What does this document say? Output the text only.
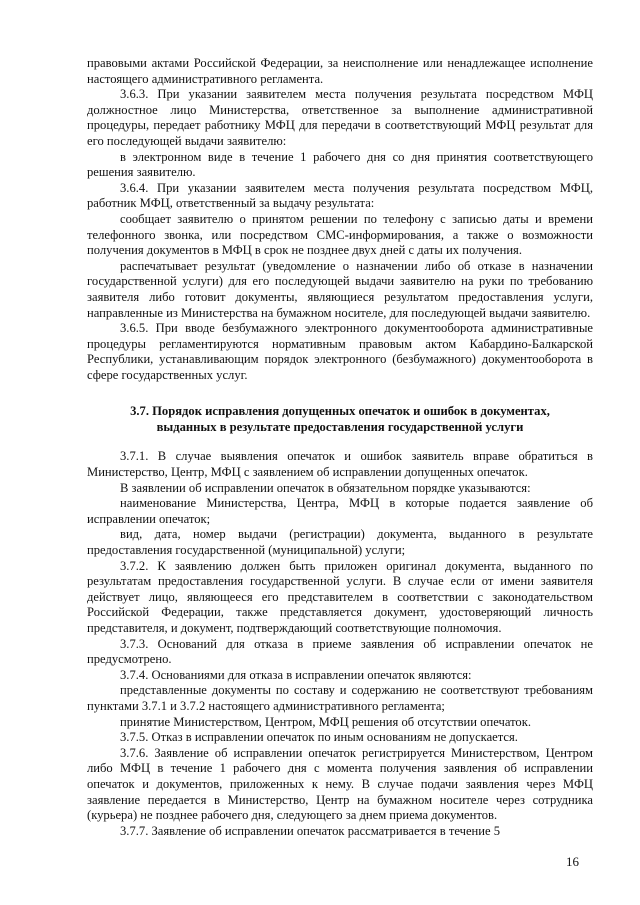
правовыми актами Российской Федерации, за неисполнение или ненадлежащее исполнение настоящего административного регламента.

3.6.3. При указании заявителем места получения результата посредством МФЦ должностное лицо Министерства, ответственное за выполнение административной процедуры, передает работнику МФЦ для передачи в соответствующий МФЦ результат для его последующей выдачи заявителю:

в электронном виде в течение 1 рабочего дня со дня принятия соответствующего решения заявителю.

3.6.4. При указании заявителем места получения результата посредством МФЦ, работник МФЦ, ответственный за выдачу результата:

сообщает заявителю о принятом решении по телефону с записью даты и времени телефонного звонка, или посредством СМС-информирования, а также о возможности получения документов в МФЦ в срок не позднее двух дней с даты их получения.

распечатывает результат (уведомление о назначении либо об отказе в назначении государственной услуги) для его последующей выдачи заявителю на руки по требованию заявителя либо готовит документы, являющиеся результатом предоставления услуги, направленные из Министерства на бумажном носителе, для последующей выдачи заявителю.

3.6.5. При вводе безбумажного электронного документооборота административные процедуры регламентируются нормативным правовым актом Кабардино-Балкарской Республики, устанавливающим порядок электронного (безбумажного) документооборота в сфере государственных услуг.

3.7. Порядок исправления допущенных опечаток и ошибок в документах, выданных в результате предоставления государственной услуги

3.7.1. В случае выявления опечаток и ошибок заявитель вправе обратиться в Министерство, Центр, МФЦ с заявлением об исправлении допущенных опечаток.

В заявлении об исправлении опечаток в обязательном порядке указываются:

наименование Министерства, Центра, МФЦ в которые подается заявление об исправлении опечаток;

вид, дата, номер выдачи (регистрации) документа, выданного в результате предоставления государственной (муниципальной) услуги;

3.7.2. К заявлению должен быть приложен оригинал документа, выданного по результатам предоставления государственной услуги. В случае если от имени заявителя действует лицо, являющееся его представителем в соответствии с законодательством Российской Федерации, также представляется документ, удостоверяющий личность представителя, и документ, подтверждающий соответствующие полномочия.

3.7.3. Оснований для отказа в приеме заявления об исправлении опечаток не предусмотрено.

3.7.4. Основаниями для отказа в исправлении опечаток являются:

представленные документы по составу и содержанию не соответствуют требованиям пунктами 3.7.1 и 3.7.2 настоящего административного регламента;

принятие Министерством, Центром, МФЦ решения об отсутствии опечаток.

3.7.5. Отказ в исправлении опечаток по иным основаниям не допускается.

3.7.6. Заявление об исправлении опечаток регистрируется Министерством, Центром либо МФЦ в течение 1 рабочего дня с момента получения заявления об исправлении опечаток и документов, приложенных к нему. В случае подачи заявления через МФЦ заявление передается в Министерство, Центр на бумажном носителе через сотрудника (курьера) не позднее рабочего дня, следующего за днем приема документов.

3.7.7. Заявление об исправлении опечаток рассматривается в течение 5

16
